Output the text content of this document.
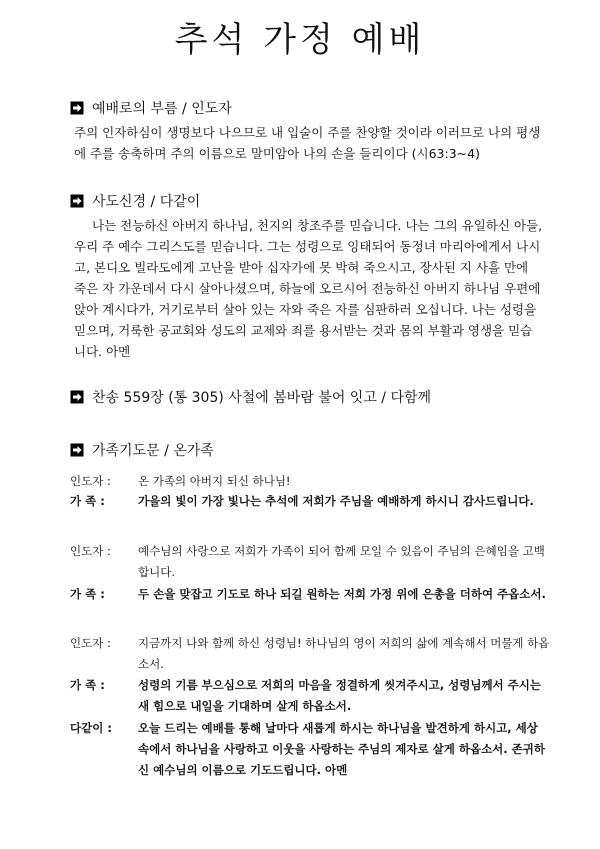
추석 가정 예배
예배로의 부름 / 인도자
주의 인자하심이 생명보다 나으므로 내 입술이 주를 찬양할 것이라 이러므로 나의 평생에 주를 송축하며 주의 이름으로 말미암아 나의 손을 들리이다 (시63:3~4)
사도신경 / 다같이
나는 전능하신 아버지 하나님, 천지의 창조주를 믿습니다. 나는 그의 유일하신 아들, 우리 주 예수 그리스도를 믿습니다. 그는 성령으로 잉태되어 동정녀 마리아에게서 나시고, 본디오 빌라도에게 고난을 받아 십자가에 못 박혀 죽으시고, 장사된 지 사흘 만에 죽은 자 가운데서 다시 살아나셨으며, 하늘에 오르시어 전능하신 아버지 하나님 우편에 앉아 계시다가, 거기로부터 살아 있는 자와 죽은 자를 심판하러 오십니다. 나는 성령을 믿으며, 거룩한 공교회와 성도의 교제와 죄를 용서받는 것과 몸의 부활과 영생을 믿습니다. 아멘
찬송 559장 (통 305) 사철에 봄바람 불어 잇고 / 다함께
가족기도문 / 온가족
인도자 :	온 가족의 아버지 되신 하나님!
가 족 :	가을의 빛이 가장 빛나는 추석에 저희가 주님을 예배하게 하시니 감사드립니다.
인도자 :	예수님의 사랑으로 저희가 가족이 되어 함께 모일 수 있음이 주님의 은혜임을 고백합니다.
가 족 :	두 손을 맞잡고 기도로 하나 되길 원하는 저희 가정 위에 은총을 더하여 주옵소서.
인도자 :	지금까지 나와 함께 하신 성령님! 하나님의 영이 저희의 삶에 계속해서 머물게 하옵소서.
가 족 :	성령의 기름 부으심으로 저희의 마음을 정결하게 씻겨주시고, 성령님께서 주시는 새 힘으로 내일을 기대하며 살게 하옵소서.
다같이 :	오늘 드리는 예배를 통해 날마다 새롭게 하시는 하나님을 발견하게 하시고, 세상 속에서 하나님을 사랑하고 이웃을 사랑하는 주님의 제자로 살게 하옵소서. 존귀하신 예수님의 이름으로 기도드립니다. 아멘
